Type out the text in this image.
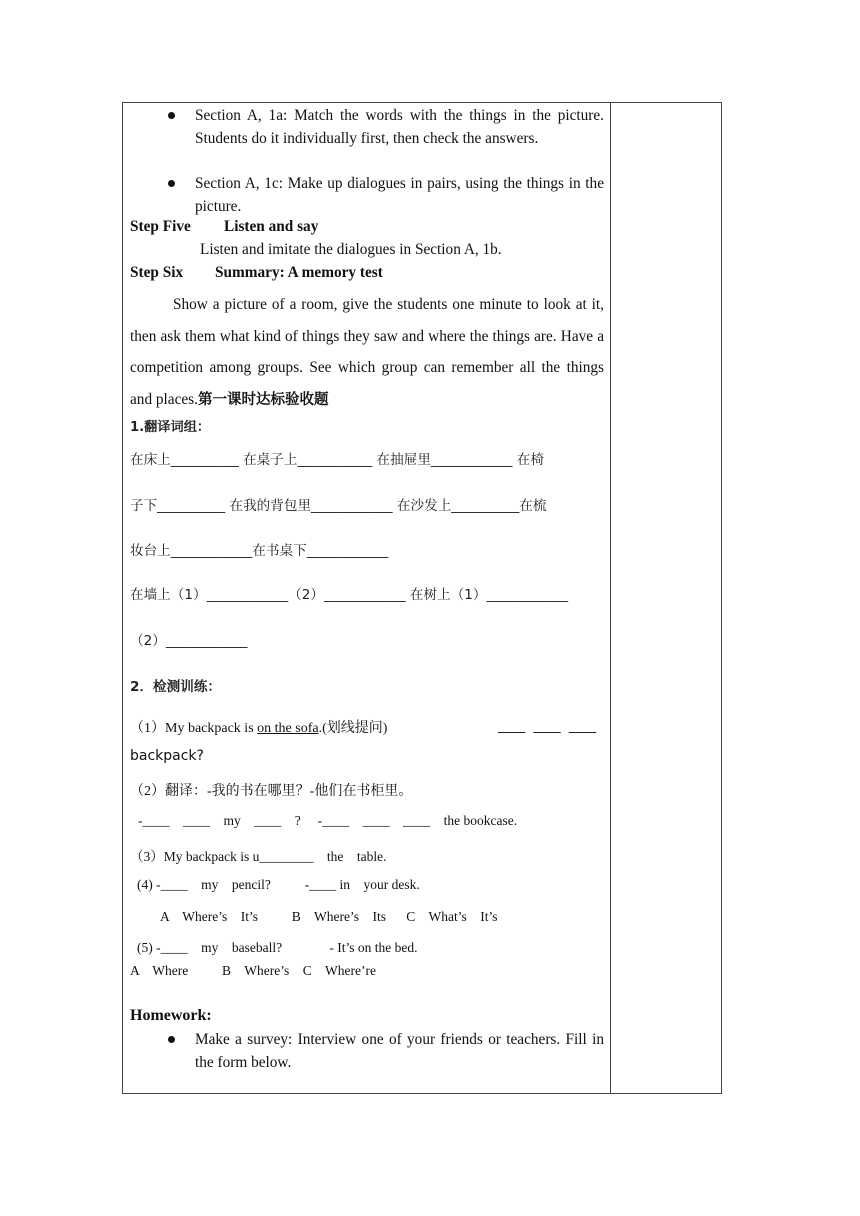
Section A, 1a: Match the words with the things in the picture. Students do it individually first, then check the answers.
Section A, 1c: Make up dialogues in pairs, using the things in the picture.
Step Five Listen and say
Listen and imitate the dialogues in Section A, 1b.
Step Six Summary: A memory test
Show a picture of a room, give the students one minute to look at it, then ask them what kind of things they saw and where the things are. Have a competition among groups. See which group can remember all the things and places.第一课时达标验收题
1.翻译词组：
在床上__________ 在桌子上___________ 在抽屉里____________ 在椅
子下__________ 在我的背包里____________ 在沙发上__________在梳
妆台上____________在书桌下____________
在墙上（1）____________（2）____________ 在树上（1）____________
（2）____________
2．检测训练：
（1）My backpack is on the sofa.(划线提问)	____ ____ ____
backpack?
（2）翻译：-我的书在哪里？-他们在书柜里。
-____    ____    my    ____    ?     -____    ____    ____    the bookcase.
（3）My backpack is u________    the    table.
(4) -____    my    pencil?          -____ in    your desk.
A    Where’s    It’s          B    Where’s    Its      C    What’s    It’s
(5) -____    my    baseball?              - It’s on the bed.
A    Where          B    Where’s    C    Where’re
Homework:
Make a survey: Interview one of your friends or teachers. Fill in the form below.
